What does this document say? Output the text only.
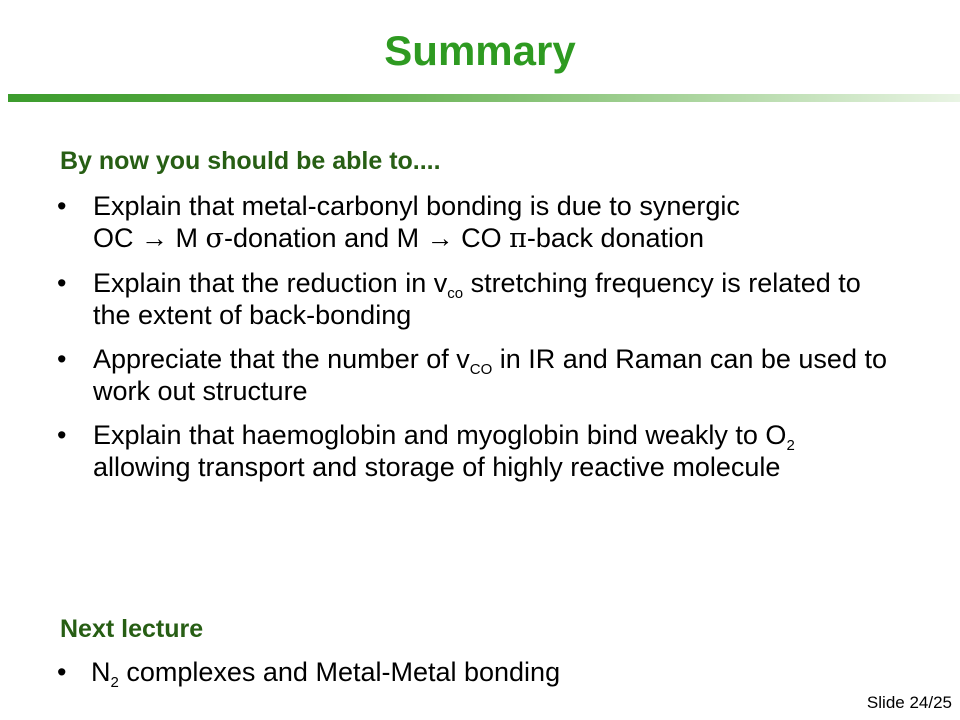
Summary
By now you should be able to....
• Explain that metal-carbonyl bonding is due to synergic
OC → M σ-donation and M → CO π-back donation
• Explain that the reduction in $v_{co}$ stretching frequency is related to the extent of back-bonding
• Appreciate that the number of $v_{CO}$ in IR and Raman can be used to work out structure
• Explain that haemoglobin and myoglobin bind weakly to $O_2$ allowing transport and storage of highly reactive molecule
Next lecture
• $N_2$ complexes and Metal-Metal bonding
Slide 24/25
